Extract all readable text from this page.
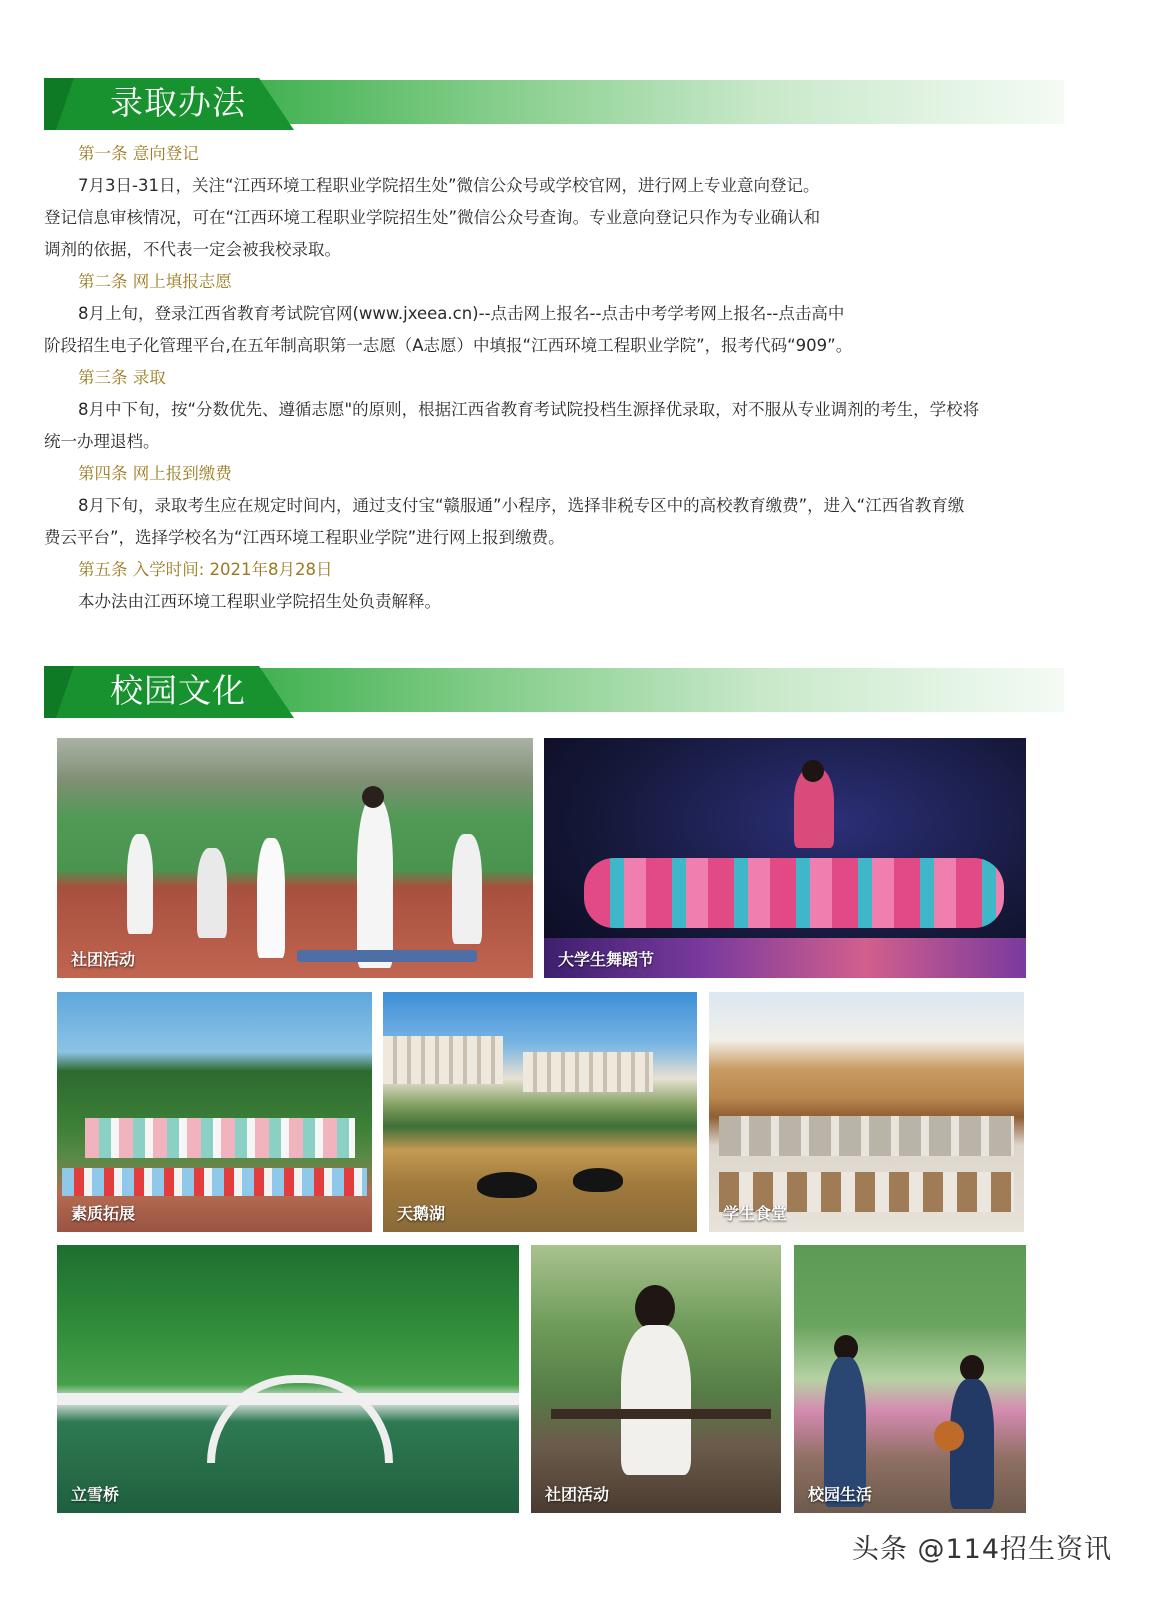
录取办法
第一条 意向登记
7月3日-31日，关注“江西环境工程职业学院招生处”微信公众号或学校官网，进行网上专业意向登记。
登记信息审核情况，可在“江西环境工程职业学院招生处”微信公众号查询。专业意向登记只作为专业确认和
调剂的依据，不代表一定会被我校录取。
第二条 网上填报志愿
8月上旬，登录江西省教育考试院官网(www.jxeea.cn)--点击网上报名--点击中考学考网上报名--点击高中
阶段招生电子化管理平台,在五年制高职第一志愿（A志愿）中填报“江西环境工程职业学院”，报考代码“909”。
第三条 录取
8月中下旬，按“分数优先、遵循志愿"的原则，根据江西省教育考试院投档生源择优录取，对不服从专业调剂的考生，学校将
统一办理退档。
第四条 网上报到缴费
8月下旬，录取考生应在规定时间内，通过支付宝“赣服通”小程序，选择非税专区中的高校教育缴费”，进入“江西省教育缴
费云平台”，选择学校名为“江西环境工程职业学院”进行网上报到缴费。
第五条 入学时间: 2021年8月28日
本办法由江西环境工程职业学院招生处负责解释。
校园文化
社团活动	大学生舞蹈节
素质拓展	天鹅湖	学生食堂
立雪桥	社团活动	校园生活
头条 @114招生资讯
